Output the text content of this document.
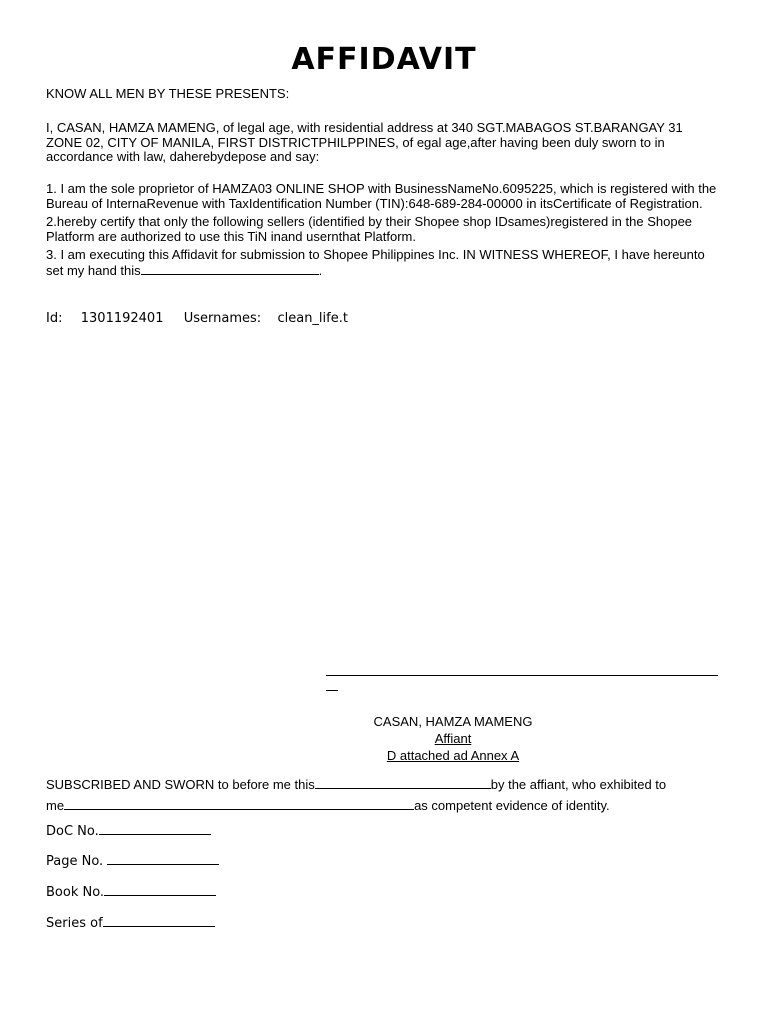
AFFIDAVIT
KNOW ALL MEN BY THESE PRESENTS:
I, CASAN, HAMZA MAMENG, of legal age, with residential address at 340 SGT.MABAGOS ST.BARANGAY 31
ZONE 02, CITY OF MANILA, FIRST DISTRICTPHILPPINES, of egal age,after having been duly sworn to in
accordance with law, daherebydepose and say:
1. I am the sole proprietor of HAMZA03 ONLINE SHOP with BusinessNameNo.6095225, which is registered with the
Bureau of InternaRevenue with TaxIdentification Number (TIN):648-689-284-00000 in itsCertificate of Registration.
2.hereby certify that only the following sellers (identified by their Shopee shop IDsames)registered in the Shopee
Platform are authorized to use this TiN inand usernthat Platform.
3. I am executing this Affidavit for submission to Shopee Philippines Inc. IN WITNESS WHEREOF, I have hereunto
set my hand this	.
Id: 1301192401 Usernames: clean_life.t
CASAN, HAMZA MAMENG
Affiant
D attached ad Annex A
SUBSCRIBED AND SWORN to before me this	by the affiant, who exhibited to
me	as competent evidence of identity.
DoC No.
Page No.
Book No.
Series of
